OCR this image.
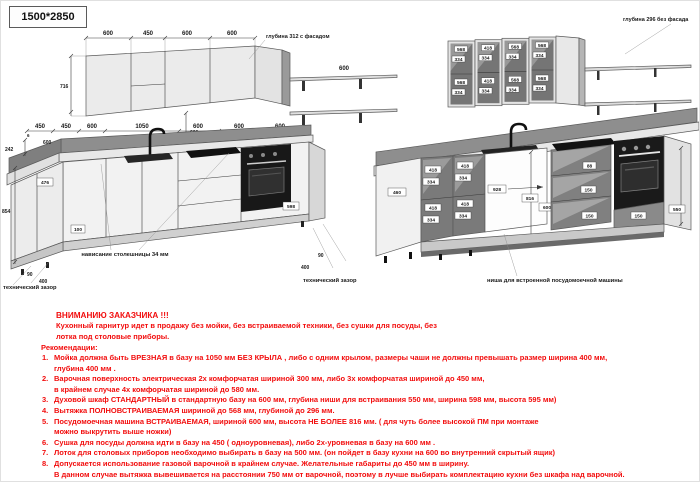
1500*2850
600	450	600	600
716
глубина 312 с фасадом
600
глубина 296 без фасада
568
334
568
334
418
334
418
334
568
334
568
334
568
334
568
334
450	450	600	1050	600	600
6
242
600
854
476
100
90
400
технический зазор
90
400
технический зазор
598
нависание столешницы 34 мм
460
418
334
418
334
418
334
418
334
928
816
600
88
150
150	150
550
ниша для встроенной посудомоечной машины
ВНИМАНИЮ ЗАКАЗЧИКА !!!
Кухонный гарнитур идет в продажу без мойки, без встраиваемой техники, без сушки для посуды, без
лотка под столовые приборы.
Рекомендации:
1. Мойка должна быть ВРЕЗНАЯ в базу на 1050 мм БЕЗ КРЫЛА , либо с одним крылом, размеры чаши не должны превышать размер ширина 400 мм,
глубина 400 мм .
2. Варочная поверхность электрическая 2х комфорчатая шириной 300 мм, либо 3х комфорчатая шириной до 450 мм,
в крайнем случае 4х комфорчатая шириной до 580 мм.
3. Духовой шкаф СТАНДАРТНЫЙ в стандартную базу на 600 мм, глубина ниши для встраивания 550 мм, ширина 598 мм, высота 595 мм)
4. Вытяжка ПОЛНОВСТРАИВАЕМАЯ шириной до 568 мм, глубиной до 296 мм.
5. Посудомоечная машина ВСТРАИВАЕМАЯ, шириной 600 мм, высота НЕ БОЛЕЕ 816 мм. ( для чуть более высокой ПМ при монтаже
можно выкрутить выше ножки)
6. Сушка для посуды должна идти в базу на 450 ( одноуровневая), либо 2х-уровневая в базу на 600 мм .
7. Лоток для столовых приборов необходимо выбирать в базу на 500 мм. (он пойдет в базу кухни на 600 во внутренний скрытый ящик)
8. Допускается использование газовой варочной в крайнем случае. Желательные габариты до 450 мм в ширину.
В данном случае вытяжка вывешивается на расстоянии 750 мм от варочной, поэтому в лучше выбирать комплектацию кухни без шкафа над варочной.
